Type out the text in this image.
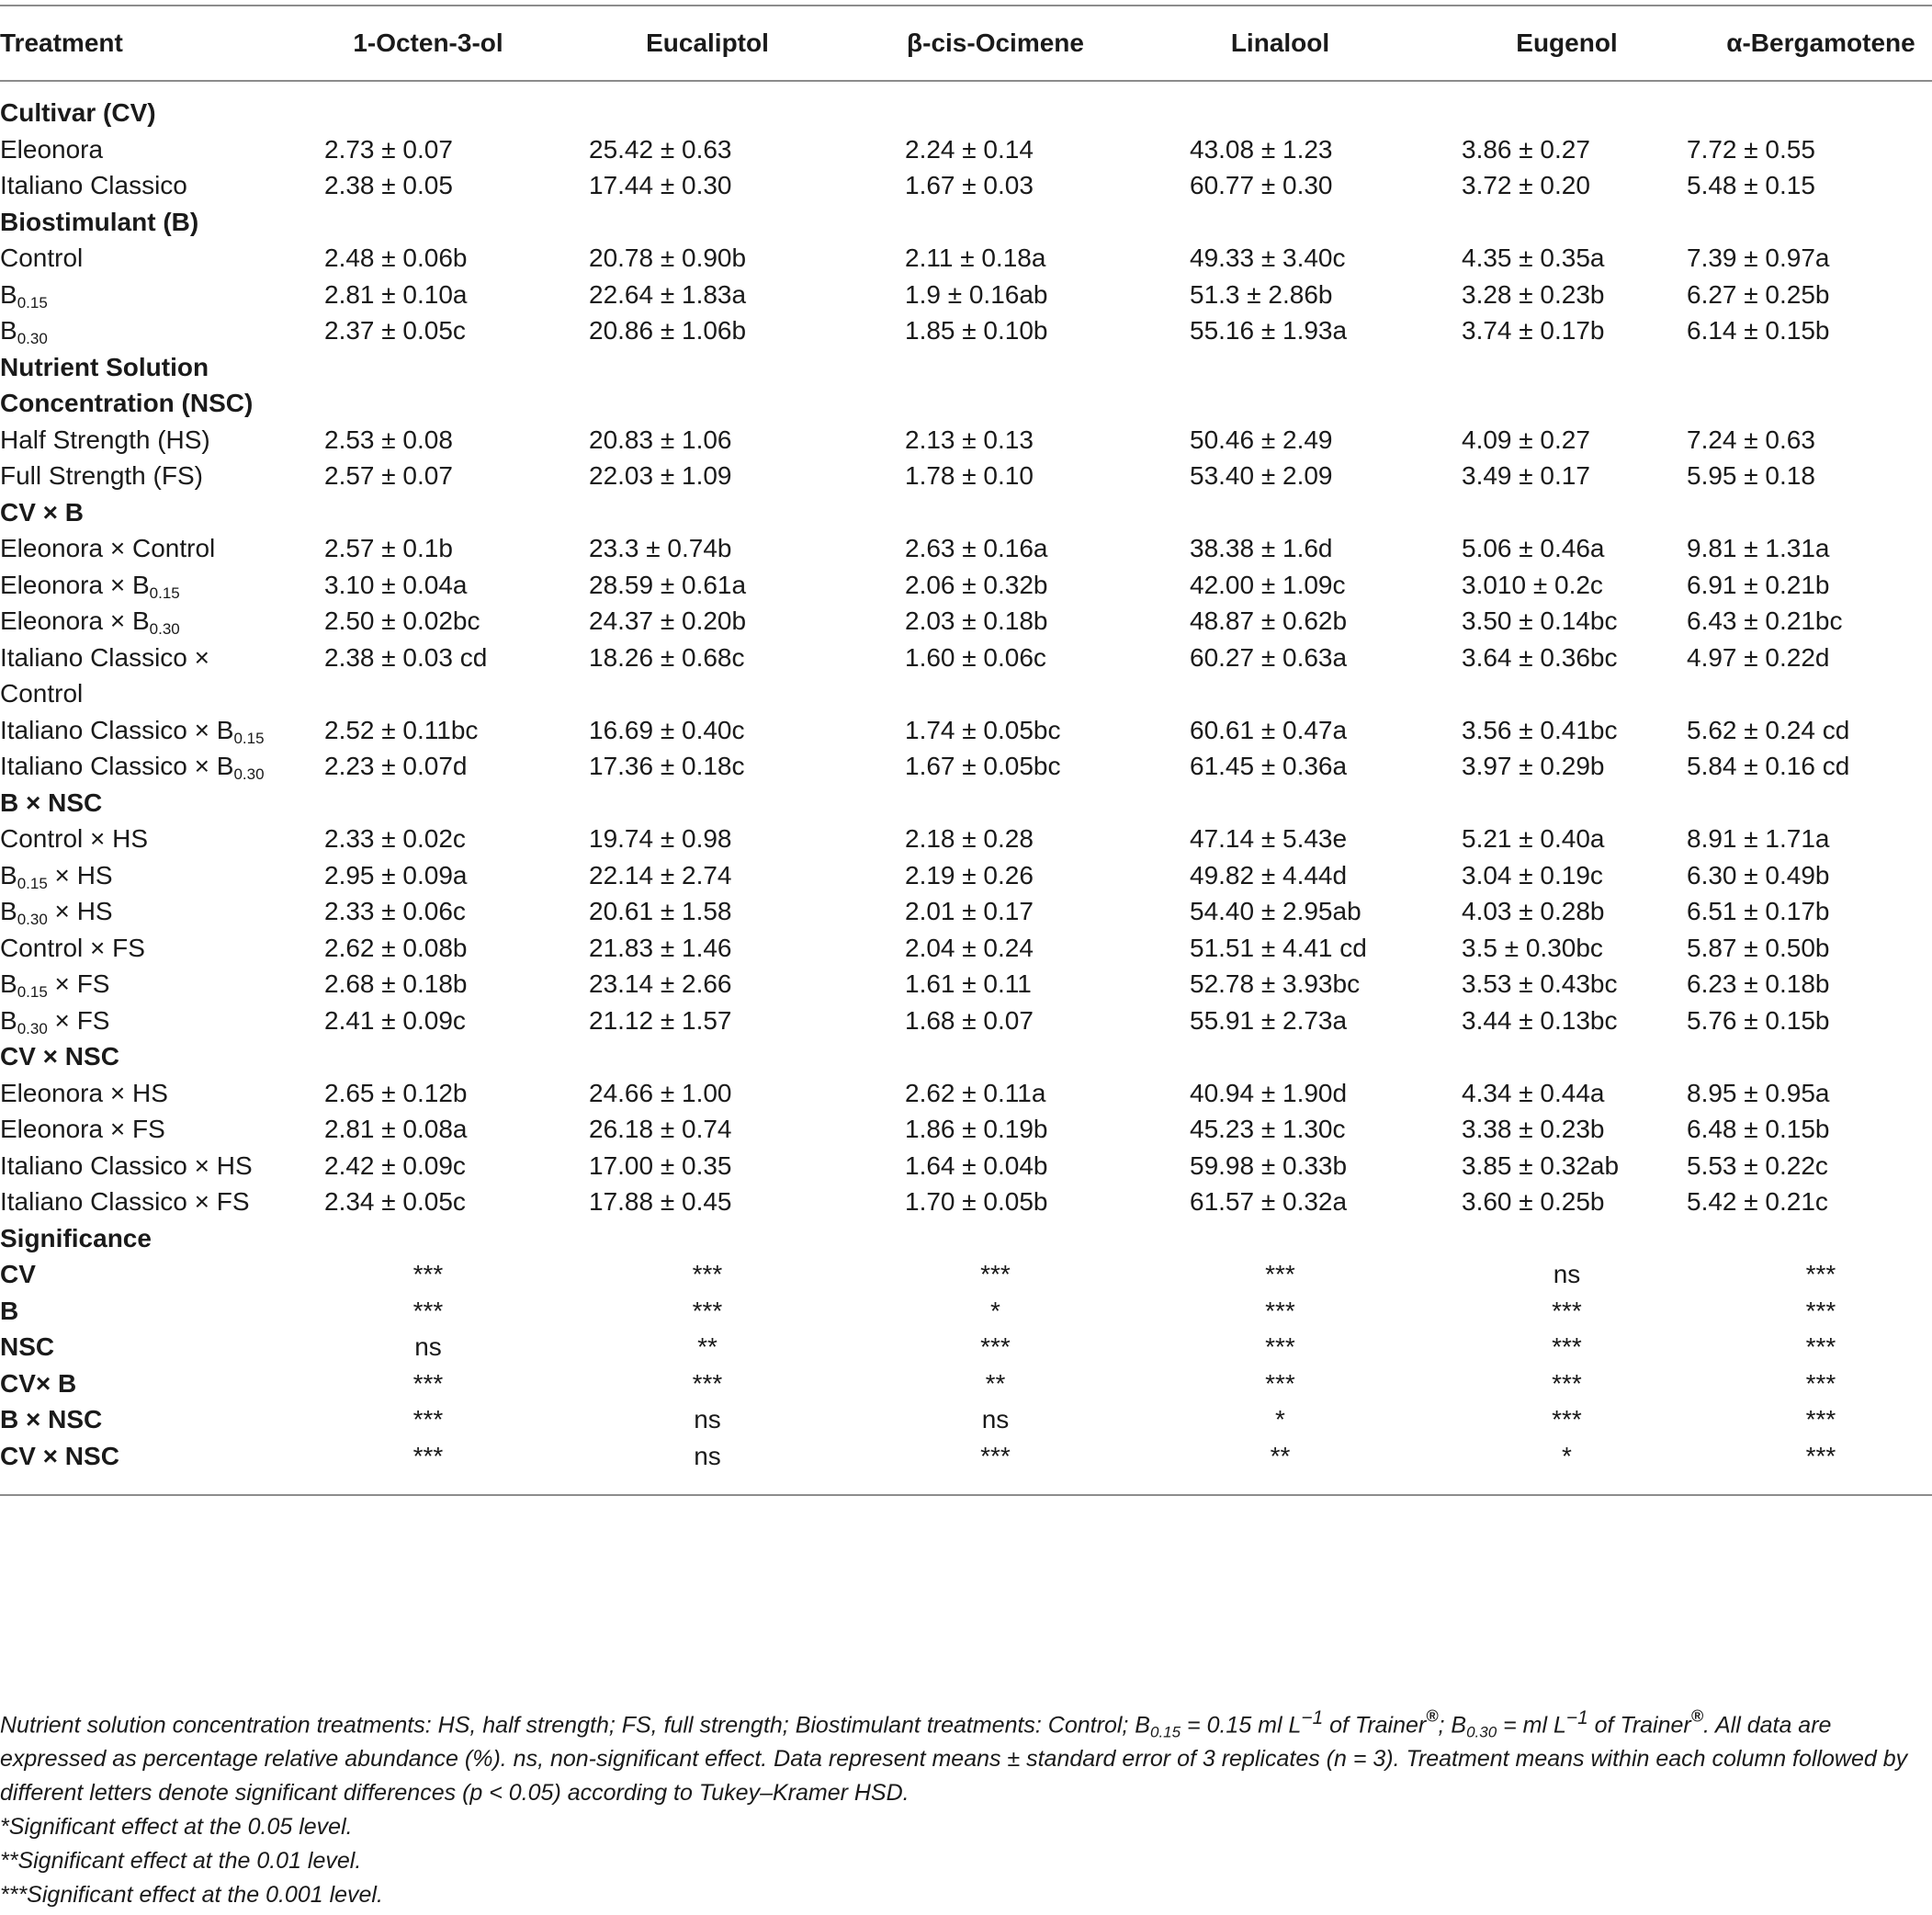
Treatment	1-Octen-3-ol	Eucaliptol	β-cis-Ocimene	Linalool	Eugenol	α-Bergamotene
Cultivar (CV)						
Eleonora	2.73 ± 0.07	25.42 ± 0.63	2.24 ± 0.14	43.08 ± 1.23	3.86 ± 0.27	7.72 ± 0.55
Italiano Classico	2.38 ± 0.05	17.44 ± 0.30	1.67 ± 0.03	60.77 ± 0.30	3.72 ± 0.20	5.48 ± 0.15
Biostimulant (B)						
Control	2.48 ± 0.06b	20.78 ± 0.90b	2.11 ± 0.18a	49.33 ± 3.40c	4.35 ± 0.35a	7.39 ± 0.97a
$B_{0.15}$	2.81 ± 0.10a	22.64 ± 1.83a	1.9 ± 0.16ab	51.3 ± 2.86b	3.28 ± 0.23b	6.27 ± 0.25b
$B_{0.30}$	2.37 ± 0.05c	20.86 ± 1.06b	1.85 ± 0.10b	55.16 ± 1.93a	3.74 ± 0.17b	6.14 ± 0.15b
Nutrient Solution Concentration (NSC)						
Half Strength (HS)	2.53 ± 0.08	20.83 ± 1.06	2.13 ± 0.13	50.46 ± 2.49	4.09 ± 0.27	7.24 ± 0.63
Full Strength (FS)	2.57 ± 0.07	22.03 ± 1.09	1.78 ± 0.10	53.40 ± 2.09	3.49 ± 0.17	5.95 ± 0.18
CV × B						
Eleonora × Control	2.57 ± 0.1b	23.3 ± 0.74b	2.63 ± 0.16a	38.38 ± 1.6d	5.06 ± 0.46a	9.81 ± 1.31a
Eleonora × $B_{0.15}$	3.10 ± 0.04a	28.59 ± 0.61a	2.06 ± 0.32b	42.00 ± 1.09c	3.010 ± 0.2c	6.91 ± 0.21b
Eleonora × $B_{0.30}$	2.50 ± 0.02bc	24.37 ± 0.20b	2.03 ± 0.18b	48.87 ± 0.62b	3.50 ± 0.14bc	6.43 ± 0.21bc
Italiano Classico × Control	2.38 ± 0.03 cd	18.26 ± 0.68c	1.60 ± 0.06c	60.27 ± 0.63a	3.64 ± 0.36bc	4.97 ± 0.22d
Italiano Classico × $B_{0.15}$	2.52 ± 0.11bc	16.69 ± 0.40c	1.74 ± 0.05bc	60.61 ± 0.47a	3.56 ± 0.41bc	5.62 ± 0.24 cd
Italiano Classico × $B_{0.30}$	2.23 ± 0.07d	17.36 ± 0.18c	1.67 ± 0.05bc	61.45 ± 0.36a	3.97 ± 0.29b	5.84 ± 0.16 cd
B × NSC						
Control × HS	2.33 ± 0.02c	19.74 ± 0.98	2.18 ± 0.28	47.14 ± 5.43e	5.21 ± 0.40a	8.91 ± 1.71a
$B_{0.15}$ × HS	2.95 ± 0.09a	22.14 ± 2.74	2.19 ± 0.26	49.82 ± 4.44d	3.04 ± 0.19c	6.30 ± 0.49b
$B_{0.30}$ × HS	2.33 ± 0.06c	20.61 ± 1.58	2.01 ± 0.17	54.40 ± 2.95ab	4.03 ± 0.28b	6.51 ± 0.17b
Control × FS	2.62 ± 0.08b	21.83 ± 1.46	2.04 ± 0.24	51.51 ± 4.41 cd	3.5 ± 0.30bc	5.87 ± 0.50b
$B_{0.15}$ × FS	2.68 ± 0.18b	23.14 ± 2.66	1.61 ± 0.11	52.78 ± 3.93bc	3.53 ± 0.43bc	6.23 ± 0.18b
$B_{0.30}$ × FS	2.41 ± 0.09c	21.12 ± 1.57	1.68 ± 0.07	55.91 ± 2.73a	3.44 ± 0.13bc	5.76 ± 0.15b
CV × NSC						
Eleonora × HS	2.65 ± 0.12b	24.66 ± 1.00	2.62 ± 0.11a	40.94 ± 1.90d	4.34 ± 0.44a	8.95 ± 0.95a
Eleonora × FS	2.81 ± 0.08a	26.18 ± 0.74	1.86 ± 0.19b	45.23 ± 1.30c	3.38 ± 0.23b	6.48 ± 0.15b
Italiano Classico × HS	2.42 ± 0.09c	17.00 ± 0.35	1.64 ± 0.04b	59.98 ± 0.33b	3.85 ± 0.32ab	5.53 ± 0.22c
Italiano Classico × FS	2.34 ± 0.05c	17.88 ± 0.45	1.70 ± 0.05b	61.57 ± 0.32a	3.60 ± 0.25b	5.42 ± 0.21c
Significance						
CV	***	***	***	***	ns	***
B	***	***	*	***	***	***
NSC	ns	**	***	***	***	***
CV× B	***	***	**	***	***	***
B × NSC	***	ns	ns	*	***	***
CV × NSC	***	ns	***	**	*	***

Nutrient solution concentration treatments: HS, half strength; FS, full strength; Biostimulant treatments: Control; $B_{0.15} = 0.15$ ml $L^{-1}$ of Trainer®; $B_{0.30}$ = ml $L^{-1}$ of Trainer®. All data are expressed as percentage relative abundance (%). ns, non-significant effect. Data represent means ± standard error of 3 replicates (n = 3). Treatment means within each column followed by different letters denote significant differences (p < 0.05) according to Tukey–Kramer HSD.

*Significant effect at the 0.05 level.

**Significant effect at the 0.01 level.

***Significant effect at the 0.001 level.
